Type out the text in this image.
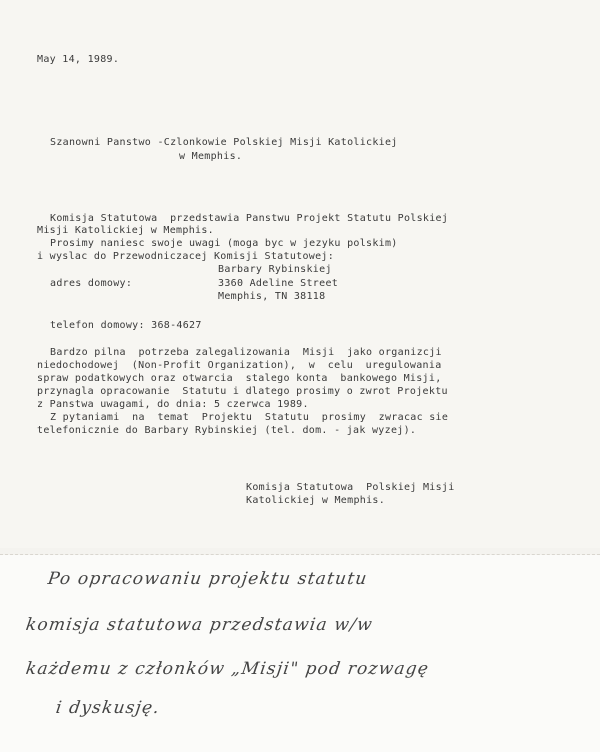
May 14, 1989.
Szanowni Panstwo -Czlonkowie Polskiej Misji Katolickiej
w Memphis.
Komisja Statutowa  przedstawia Panstwu Projekt Statutu Polskiej
Misji Katolickiej w Memphis.
Prosimy naniesc swoje uwagi (moga byc w jezyku polskim)
i wyslac do Przewodniczacej Komisji Statutowej:
Barbary Rybinskiej
adres domowy:	3360 Adeline Street
Memphis, TN 38118
telefon domowy: 368-4627
Bardzo pilna  potrzeba zalegalizowania  Misji  jako organizcji
niedochodowej  (Non-Profit Organization),  w  celu  uregulowania
spraw podatkowych oraz otwarcia  stalego konta  bankowego Misji,
przynagla opracowanie  Statutu i dlatego prosimy o zwrot Projektu
z Panstwa uwagami, do dnia: 5 czerwca 1989.
Z pytaniami  na  temat  Projektu  Statutu  prosimy  zwracac sie
telefonicznie do Barbary Rybinskiej (tel. dom. - jak wyzej).
Komisja Statutowa  Polskiej Misji
Katolickiej w Memphis.
Po opracowaniu projektu statutu
komisja statutowa przedstawia w/w
każdemu z członków „Misji" pod rozwagę
i dyskusję.
